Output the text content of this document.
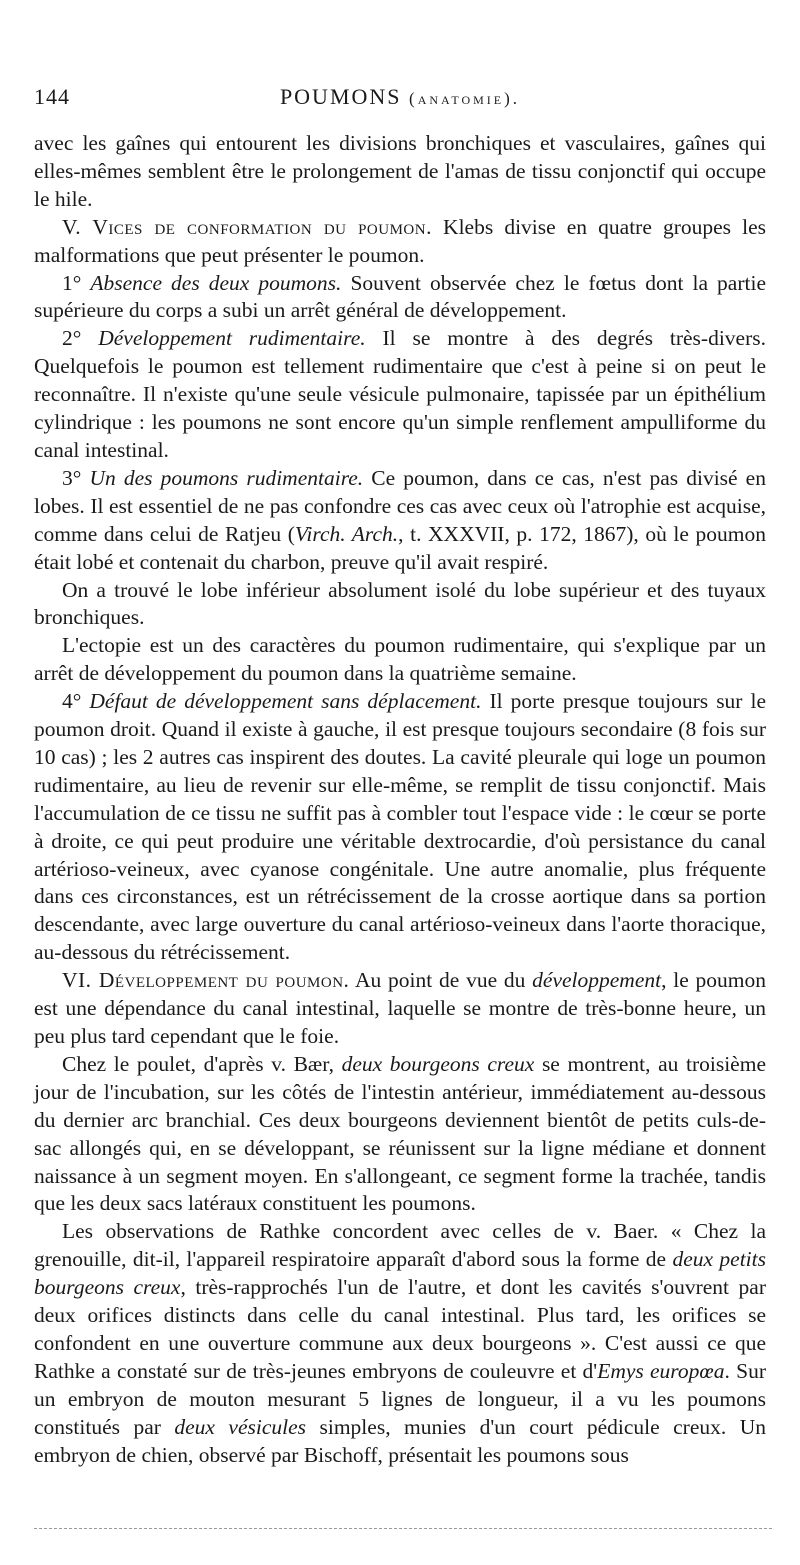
144	POUMONS (anatomie).

avec les gaînes qui entourent les divisions bronchiques et vasculaires, gaînes qui elles-mêmes semblent être le prolongement de l'amas de tissu conjonctif qui occupe le hile.

V. Vices de conformation du poumon. Klebs divise en quatre groupes les malformations que peut présenter le poumon.

1° Absence des deux poumons. Souvent observée chez le fœtus dont la partie supérieure du corps a subi un arrêt général de développement.

2° Développement rudimentaire. Il se montre à des degrés très-divers. Quelquefois le poumon est tellement rudimentaire que c'est à peine si on peut le reconnaître. Il n'existe qu'une seule vésicule pulmonaire, tapissée par un épithélium cylindrique : les poumons ne sont encore qu'un simple renflement ampulliforme du canal intestinal.

3° Un des poumons rudimentaire. Ce poumon, dans ce cas, n'est pas divisé en lobes. Il est essentiel de ne pas confondre ces cas avec ceux où l'atrophie est acquise, comme dans celui de Ratjeu (Virch. Arch., t. XXXVII, p. 172, 1867), où le poumon était lobé et contenait du charbon, preuve qu'il avait respiré.

On a trouvé le lobe inférieur absolument isolé du lobe supérieur et des tuyaux bronchiques.

L'ectopie est un des caractères du poumon rudimentaire, qui s'explique par un arrêt de développement du poumon dans la quatrième semaine.

4° Défaut de développement sans déplacement. Il porte presque toujours sur le poumon droit. Quand il existe à gauche, il est presque toujours secondaire (8 fois sur 10 cas) ; les 2 autres cas inspirent des doutes. La cavité pleurale qui loge un poumon rudimentaire, au lieu de revenir sur elle-même, se remplit de tissu conjonctif. Mais l'accumulation de ce tissu ne suffit pas à combler tout l'espace vide : le cœur se porte à droite, ce qui peut produire une véritable dextrocardie, d'où persistance du canal artérioso-veineux, avec cyanose congénitale. Une autre anomalie, plus fréquente dans ces circonstances, est un rétrécissement de la crosse aortique dans sa portion descendante, avec large ouverture du canal artérioso-veineux dans l'aorte thoracique, au-dessous du rétrécissement.

VI. Développement du poumon. Au point de vue du développement, le poumon est une dépendance du canal intestinal, laquelle se montre de très-bonne heure, un peu plus tard cependant que le foie.

Chez le poulet, d'après v. Bær, deux bourgeons creux se montrent, au troisième jour de l'incubation, sur les côtés de l'intestin antérieur, immédiatement au-dessous du dernier arc branchial. Ces deux bourgeons deviennent bientôt de petits culs-de-sac allongés qui, en se développant, se réunissent sur la ligne médiane et donnent naissance à un segment moyen. En s'allongeant, ce segment forme la trachée, tandis que les deux sacs latéraux constituent les poumons.

Les observations de Rathke concordent avec celles de v. Baer. « Chez la grenouille, dit-il, l'appareil respiratoire apparaît d'abord sous la forme de deux petits bourgeons creux, très-rapprochés l'un de l'autre, et dont les cavités s'ouvrent par deux orifices distincts dans celle du canal intestinal. Plus tard, les orifices se confondent en une ouverture commune aux deux bourgeons ». C'est aussi ce que Rathke a constaté sur de très-jeunes embryons de couleuvre et d'Emys europœa. Sur un embryon de mouton mesurant 5 lignes de longueur, il a vu les poumons constitués par deux vésicules simples, munies d'un court pédicule creux. Un embryon de chien, observé par Bischoff, présentait les poumons sous
